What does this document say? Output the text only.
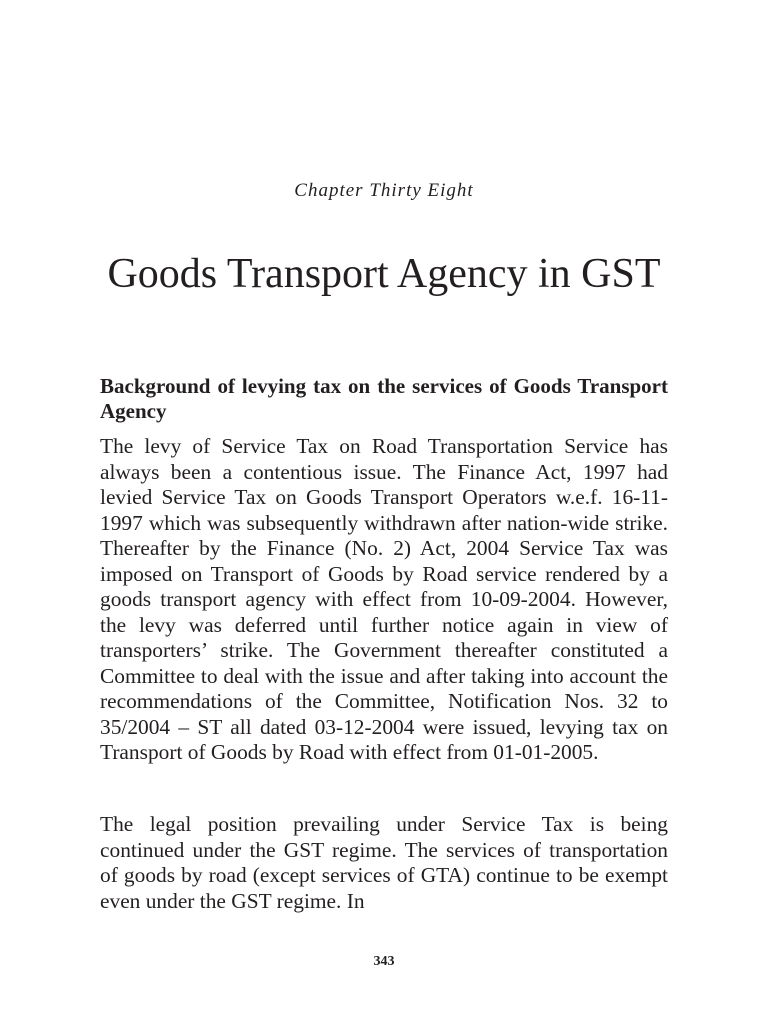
Chapter Thirty Eight
Goods Transport Agency in GST
Background of levying tax on the services of Goods Transport Agency

The levy of Service Tax on Road Transportation Service has always been a contentious issue. The Finance Act, 1997 had levied Service Tax on Goods Transport Operators w.e.f. 16-11-1997 which was subsequently withdrawn after nation-wide strike. Thereafter by the Finance (No. 2) Act, 2004 Service Tax was imposed on Transport of Goods by Road service rendered by a goods transport agency with effect from 10-09-2004. However, the levy was deferred until further notice again in view of transporters’ strike. The Government thereafter constituted a Committee to deal with the issue and after taking into account the recommendations of the Committee, Notification Nos. 32 to 35/2004 – ST all dated 03-12-2004 were issued, levying tax on Transport of Goods by Road with effect from 01-01-2005.

The legal position prevailing under Service Tax is being continued under the GST regime. The services of transportation of goods by road (except services of GTA) continue to be exempt even under the GST regime. In

343
